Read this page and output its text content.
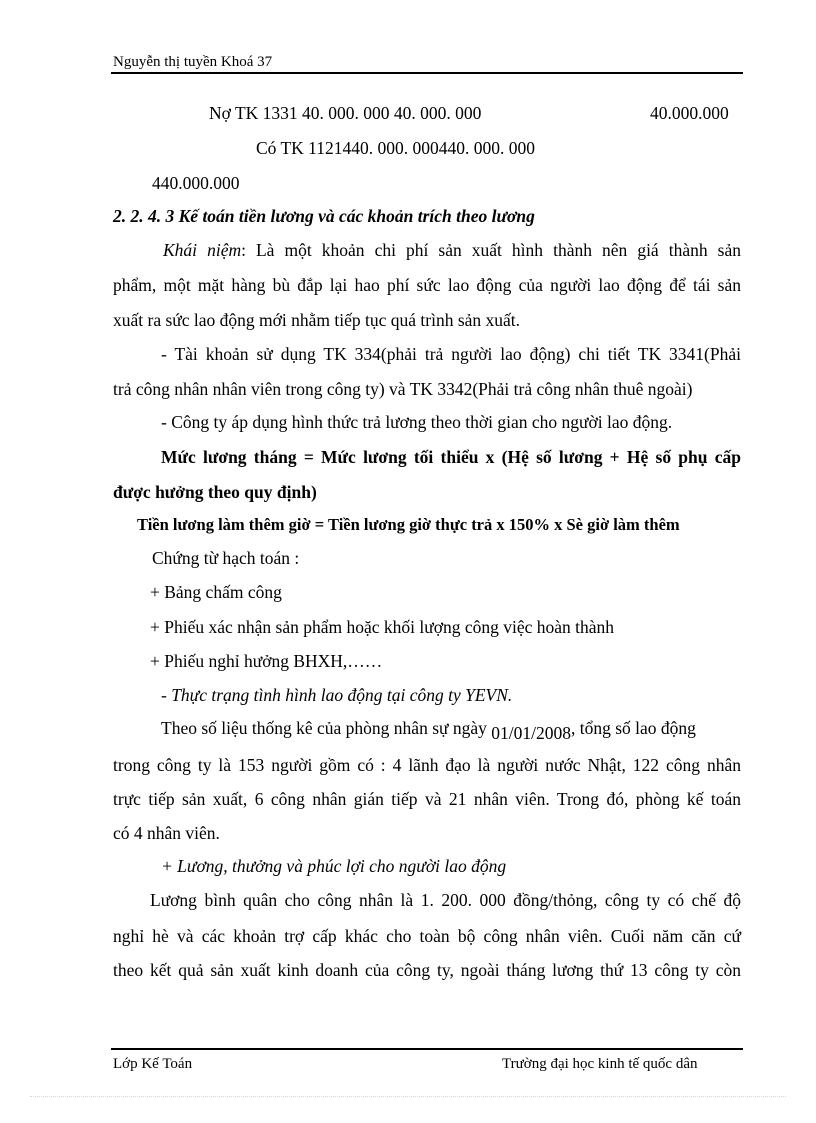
Nguyễn thị tuyền Khoá 37
Nợ TK 1331 40. 000. 000 40. 000. 000	40.000.000
Có TK 1121440. 000. 000440. 000. 000
440.000.000
2. 2. 4. 3 Kế toán tiền lương và các khoản trích theo lương
Khái niệm: Là một khoản chi phí sản xuất hình thành nên giá thành sản
phẩm, một mặt hàng bù đắp lại hao phí sức lao động của người lao động để tái sản
xuất ra sức lao động mới nhằm tiếp tục quá trình sản xuất.
- Tài khoản sử dụng TK 334(phải trả người lao động) chi tiết TK 3341(Phải
trả công nhân nhân viên trong công ty) và TK 3342(Phải trả công nhân thuê ngoài)
- Công ty áp dụng hình thức trả lương theo thời gian cho người lao động.
Mức lương tháng = Mức lương tối thiểu x (Hệ số lương + Hệ số phụ cấp
được hưởng theo quy định)
Tiền lương làm thêm giờ = Tiền lương giờ thực trả x 150% x Sè giờ làm thêm
Chứng từ hạch toán :
+ Bảng chấm công
+ Phiếu xác nhận sản phẩm hoặc khối lượng công việc hoàn thành
+ Phiếu nghỉ hưởng BHXH,……
- Thực trạng tình hình lao động tại công ty YEVN.
Theo số liệu thống kê của phòng nhân sự ngày 01/01/2008, tổng số lao động
trong công ty là 153 người gồm có : 4 lãnh đạo là người nước Nhật, 122 công nhân
trực tiếp sản xuất, 6 công nhân gián tiếp và 21 nhân viên. Trong đó, phòng kế toán
có 4 nhân viên.
+ Lương, thưởng và phúc lợi cho người lao động
Lương bình quân cho công nhân là 1. 200. 000 đồng/thỏng, công ty có chế độ
nghỉ hè và các khoản trợ cấp khác cho toàn bộ công nhân viên. Cuối năm căn cứ
theo kết quả sản xuất kinh doanh của công ty, ngoài tháng lương thứ 13 công ty còn
Lớp Kế Toán	Trường đại học kinh tế quốc dân
